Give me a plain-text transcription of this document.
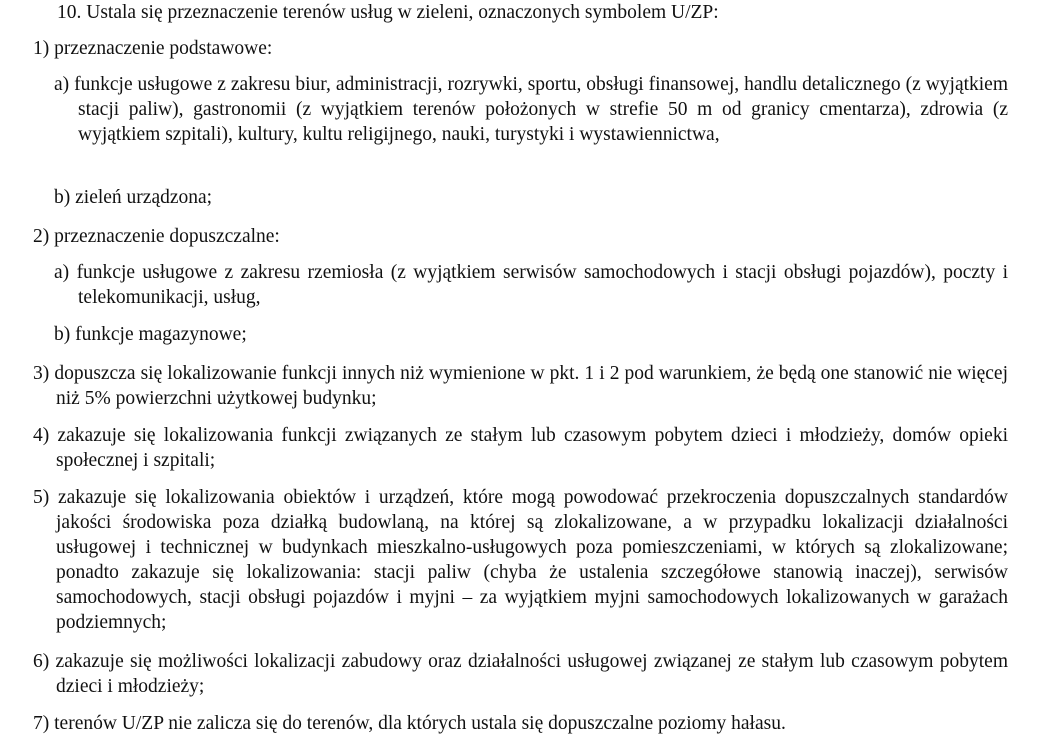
10. Ustala się przeznaczenie terenów usług w zieleni, oznaczonych symbolem U/ZP:
1) przeznaczenie podstawowe:
a) funkcje usługowe z zakresu biur, administracji, rozrywki, sportu, obsługi finansowej, handlu detalicznego (z wyjątkiem stacji paliw), gastronomii (z wyjątkiem terenów położonych w strefie 50 m od granicy cmentarza), zdrowia (z wyjątkiem szpitali), kultury, kultu religijnego, nauki, turystyki i wystawiennictwa,
b) zieleń urządzona;
2) przeznaczenie dopuszczalne:
a) funkcje usługowe z zakresu rzemiosła (z wyjątkiem serwisów samochodowych i stacji obsługi pojazdów), poczty i telekomunikacji, usług,
b) funkcje magazynowe;
3) dopuszcza się lokalizowanie funkcji innych niż wymienione w pkt. 1 i 2 pod warunkiem, że będą one stanowić nie więcej niż 5% powierzchni użytkowej budynku;
4) zakazuje się lokalizowania funkcji związanych ze stałym lub czasowym pobytem dzieci i młodzieży, domów opieki społecznej i szpitali;
5) zakazuje się lokalizowania obiektów i urządzeń, które mogą powodować przekroczenia dopuszczalnych standardów jakości środowiska poza działką budowlaną, na której są zlokalizowane, a w przypadku lokalizacji działalności usługowej i technicznej w budynkach mieszkalno-usługowych poza pomieszczeniami, w których są zlokalizowane; ponadto zakazuje się lokalizowania: stacji paliw (chyba że ustalenia szczegółowe stanowią inaczej), serwisów samochodowych, stacji obsługi pojazdów i myjni – za wyjątkiem myjni samochodowych lokalizowanych w garażach podziemnych;
6) zakazuje się możliwości lokalizacji zabudowy oraz działalności usługowej związanej ze stałym lub czasowym pobytem dzieci i młodzieży;
7) terenów U/ZP nie zalicza się do terenów, dla których ustala się dopuszczalne poziomy hałasu.
